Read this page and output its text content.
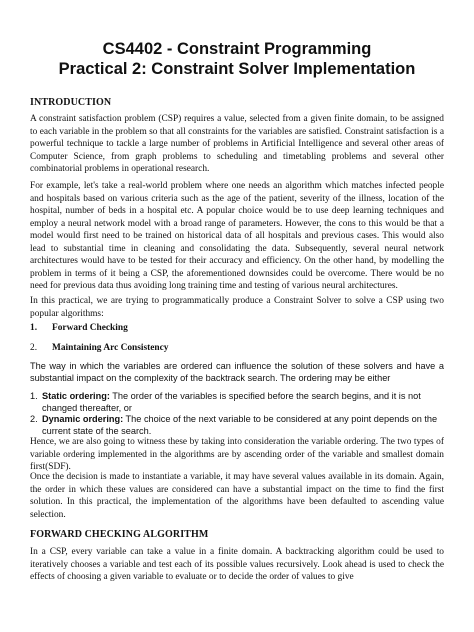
CS4402 - Constraint Programming
Practical 2: Constraint Solver Implementation
INTRODUCTION

A constraint satisfaction problem (CSP) requires a value, selected from a given finite domain, to be assigned to each variable in the problem so that all constraints for the variables are satisfied. Constraint satisfaction is a powerful technique to tackle a large number of problems in Artificial Intelligence and several other areas of Computer Science, from graph problems to scheduling and timetabling problems and several other combinatorial problems in operational research.

For example, let's take a real-world problem where one needs an algorithm which matches infected people and hospitals based on various criteria such as the age of the patient, severity of the illness, location of the hospital, number of beds in a hospital etc. A popular choice would be to use deep learning techniques and employ a neural network model with a broad range of parameters. However, the cons to this would be that a model would first need to be trained on historical data of all hospitals and previous cases. This would also lead to substantial time in cleaning and consolidating the data. Subsequently, several neural network architectures would have to be tested for their accuracy and efficiency. On the other hand, by modelling the problem in terms of it being a CSP, the aforementioned downsides could be overcome. There would be no need for previous data thus avoiding long training time and testing of various neural architectures.

In this practical, we are trying to programmatically produce a Constraint Solver to solve a CSP using two popular algorithms:

1. Forward Checking
2. Maintaining Arc Consistency

The way in which the variables are ordered can influence the solution of these solvers and have a substantial impact on the complexity of the backtrack search. The ordering may be either

1. Static ordering: The order of the variables is specified before the search begins, and it is not changed thereafter, or
2. Dynamic ordering: The choice of the next variable to be considered at any point depends on the current state of the search.

Hence, we are also going to witness these by taking into consideration the variable ordering. The two types of variable ordering implemented in the algorithms are by ascending order of the variable and smallest domain first(SDF).

Once the decision is made to instantiate a variable, it may have several values available in its domain. Again, the order in which these values are considered can have a substantial impact on the time to find the first solution. In this practical, the implementation of the algorithms have been defaulted to ascending value selection.

FORWARD CHECKING ALGORITHM

In a CSP, every variable can take a value in a finite domain. A backtracking algorithm could be used to iteratively chooses a variable and test each of its possible values recursively. Look ahead is used to check the effects of choosing a given variable to evaluate or to decide the order of values to give
